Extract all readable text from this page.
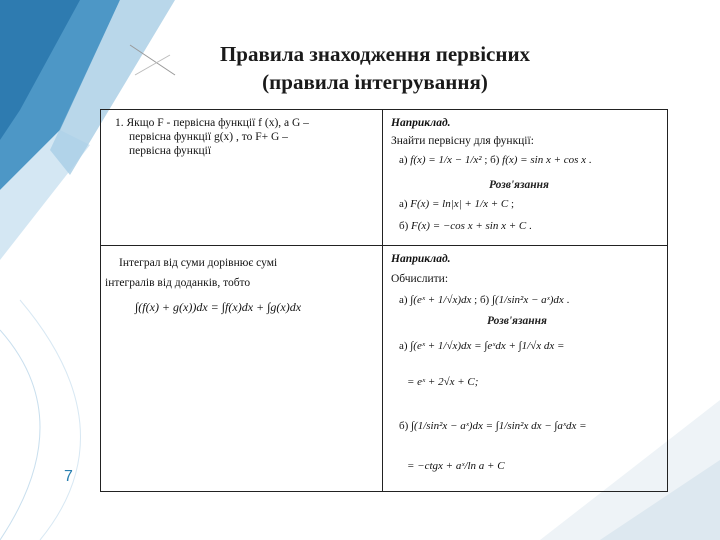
Правила знаходження первісних
(правила інтегрування)
1. Якщо F - первісна функції f (x), а G –
первісна функції g(x) , то F+ G –
первісна функції
Наприклад.
Знайти первісну для функції:
а) f(x) = 1/x − 1/x² ; б) f(x) = sin x + cos x .
Розв'язання
а) F(x) = ln|x| + 1/x + C ;
б) F(x) = −cos x + sin x + C .
Інтеграл від суми дорівнює сумі
інтегралів від доданків, тобто
∫(f(x) + g(x))dx = ∫f(x)dx + ∫g(x)dx
Наприклад.
Обчислити:
а) ∫(eˣ + 1/√x)dx ; б) ∫(1/sin²x − aˣ)dx .
Розв'язання
а) ∫(eˣ + 1/√x)dx = ∫eˣdx + ∫1/√x dx =
= eˣ + 2√x + C;
б) ∫(1/sin²x − aˣ)dx = ∫1/sin²x dx − ∫aˣdx =
= −ctgx + aˣ/ln a + C
7
